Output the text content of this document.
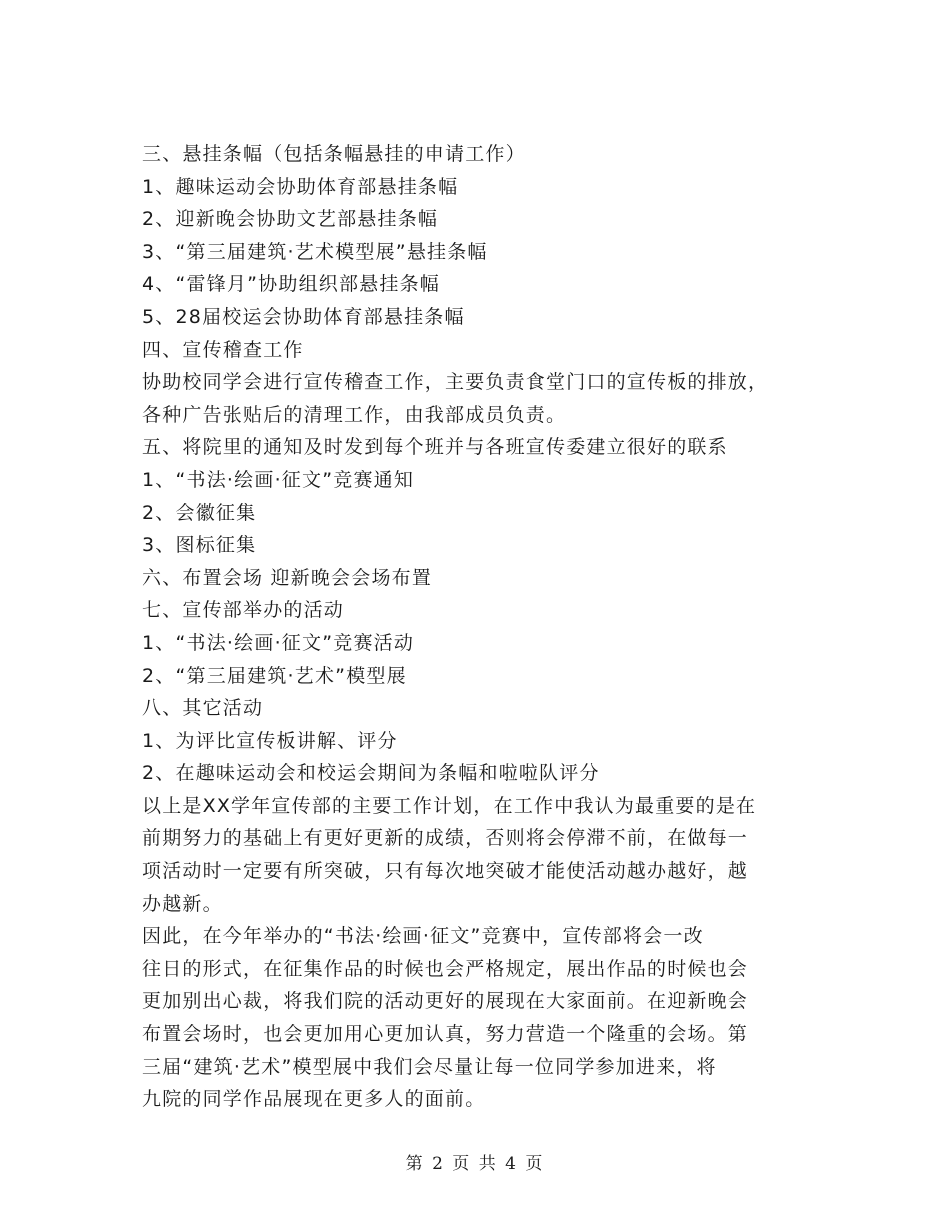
三、悬挂条幅（包括条幅悬挂的申请工作）
1、趣味运动会协助体育部悬挂条幅
2、迎新晚会协助文艺部悬挂条幅
3、“第三届建筑·艺术模型展”悬挂条幅
4、“雷锋月”协助组织部悬挂条幅
5、28届校运会协助体育部悬挂条幅
四、宣传稽查工作
协助校同学会进行宣传稽查工作，主要负责食堂门口的宣传板的排放，
各种广告张贴后的清理工作，由我部成员负责。
五、将院里的通知及时发到每个班并与各班宣传委建立很好的联系
1、“书法·绘画·征文”竞赛通知
2、会徽征集
3、图标征集
六、布置会场 迎新晚会会场布置
七、宣传部举办的活动
1、“书法·绘画·征文”竞赛活动
2、“第三届建筑·艺术”模型展
八、其它活动
1、为评比宣传板讲解、评分
2、在趣味运动会和校运会期间为条幅和啦啦队评分
以上是XX学年宣传部的主要工作计划，在工作中我认为最重要的是在
前期努力的基础上有更好更新的成绩，否则将会停滞不前，在做每一
项活动时一定要有所突破，只有每次地突破才能使活动越办越好，越
办越新。
因此，在今年举办的“书法·绘画·征文”竞赛中，宣传部将会一改
往日的形式，在征集作品的时候也会严格规定，展出作品的时候也会
更加别出心裁，将我们院的活动更好的展现在大家面前。在迎新晚会
布置会场时，也会更加用心更加认真，努力营造一个隆重的会场。第
三届“建筑·艺术”模型展中我们会尽量让每一位同学参加进来，将
九院的同学作品展现在更多人的面前。
第 2 页 共 4 页
